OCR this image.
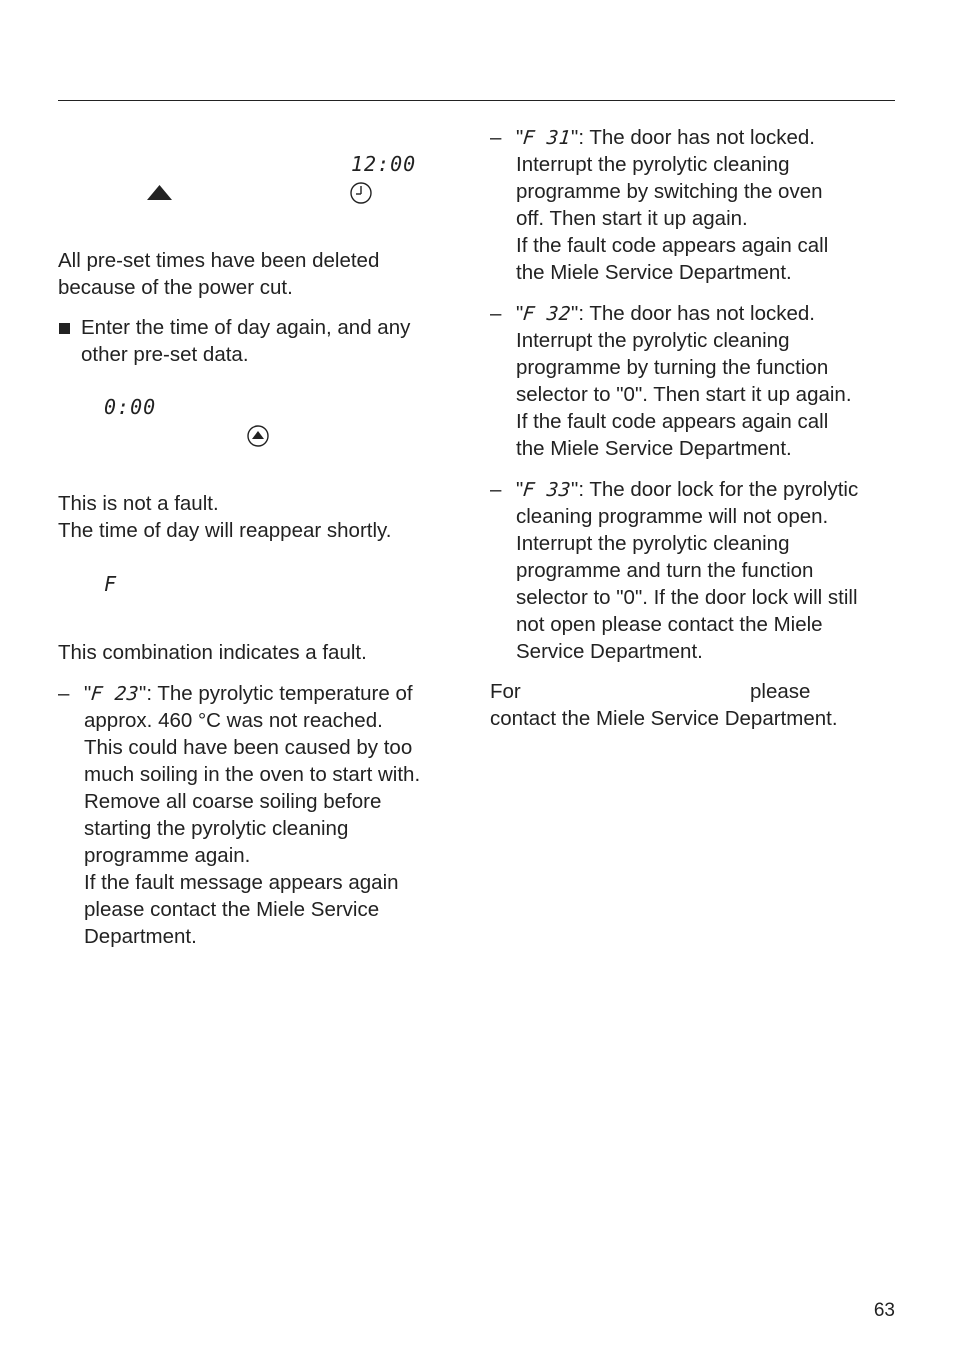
12:00
All pre-set times have been deleted
because of the power cut.
Enter the time of day again, and any
other pre-set data.
0:00
This is not a fault.
The time of day will reappear shortly.
F
This combination indicates a fault.
– "F 23": The pyrolytic temperature of
approx. 460 °C was not reached.
This could have been caused by too
much soiling in the oven to start with.
Remove all coarse soiling before
starting the pyrolytic cleaning
programme again.
If the fault message appears again
please contact the Miele Service
Department.
– "F 31": The door has not locked.
Interrupt the pyrolytic cleaning
programme by switching the oven
off. Then start it up again.
If the fault code appears again call
the Miele Service Department.
– "F 32": The door has not locked.
Interrupt the pyrolytic cleaning
programme by turning the function
selector to "0". Then start it up again.
If the fault code appears again call
the Miele Service Department.
– "F 33": The door lock for the pyrolytic
cleaning programme will not open.
Interrupt the pyrolytic cleaning
programme and turn the function
selector to "0". If the door lock will still
not open please contact the Miele
Service Department.
For	please
contact the Miele Service Department.
63
